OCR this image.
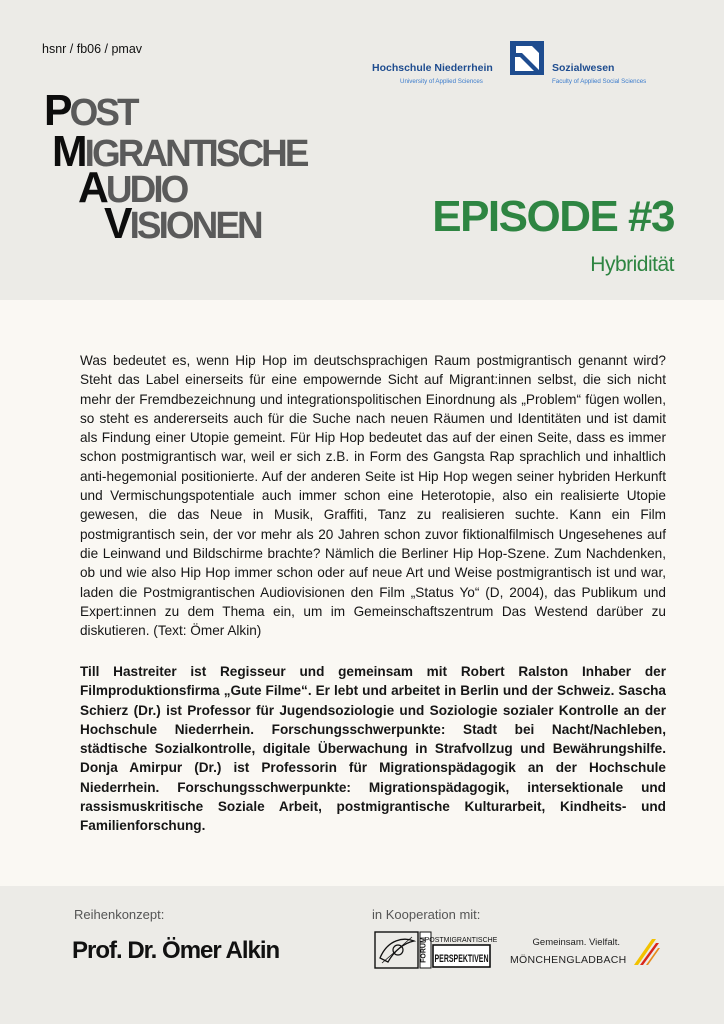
hsnr / fb06 / pmav
Hochschule Niederrhein
University of Applied Sciences
Sozialwesen
Faculty of Applied Social Sciences
POST
MIGRANTISCHE
AUDIO
VISIONEN	EPISODE #3
Hybridität
Was bedeutet es, wenn Hip Hop im deutschsprachigen Raum postmigrantisch genannt wird? Steht das Label einerseits für eine empowernde Sicht auf Migrant:innen selbst, die sich nicht mehr der Fremdbezeichnung und integrationspolitischen Einordnung als „Problem“ fügen wollen, so steht es andererseits auch für die Suche nach neuen Räumen und Identitäten und ist damit als Findung einer Utopie gemeint. Für Hip Hop bedeutet das auf der einen Seite, dass es immer schon postmigrantisch war, weil er sich z.B. in Form des Gangsta Rap sprachlich und inhaltlich anti-hegemonial positionierte. Auf der anderen Seite ist Hip Hop wegen seiner hybriden Herkunft und Vermischungspotentiale auch immer schon eine Heterotopie, also ein realisierte Utopie gewesen, die das Neue in Musik, Graffiti, Tanz zu realisieren suchte. Kann ein Film postmigrantisch sein, der vor mehr als 20 Jahren schon zuvor fiktionalfilmisch Ungesehenes auf die Leinwand und Bildschirme brachte? Nämlich die Berliner Hip Hop-Szene. Zum Nachdenken, ob und wie also Hip Hop immer schon oder auf neue Art und Weise postmigrantisch ist und war, laden die Postmigrantischen Audiovisionen den Film „Status Yo“ (D, 2004), das Publikum und Expert:innen zu dem Thema ein, um im Gemeinschaftszentrum Das Westend darüber zu diskutieren. (Text: Ömer Alkin)
Till Hastreiter ist Regisseur und gemeinsam mit Robert Ralston Inhaber der Filmproduktionsfirma „Gute Filme“. Er lebt und arbeitet in Berlin und der Schweiz. Sascha Schierz (Dr.) ist Professor für Jugendsoziologie und Soziologie sozialer Kontrolle an der Hochschule Niederrhein. Forschungsschwerpunkte: Stadt bei Nacht/Nachleben, städtische Sozialkontrolle, digitale Überwachung in Strafvollzug und Bewährungshilfe. Donja Amirpur (Dr.) ist Professorin für Migrationspädagogik an der Hochschule Niederrhein. Forschungsschwerpunkte: Migrationspädagogik, intersektionale und rassismuskritische Soziale Arbeit, postmigrantische Kulturarbeit, Kindheits- und Familienforschung.
Reihenkonzept:
Prof. Dr. Ömer Alkin
in Kooperation mit:
FORUM
POSTMIGRANTISCHE
PERSPEKTIVEN
Gemeinsam. Vielfalt.
MÖNCHENGLADBACH
